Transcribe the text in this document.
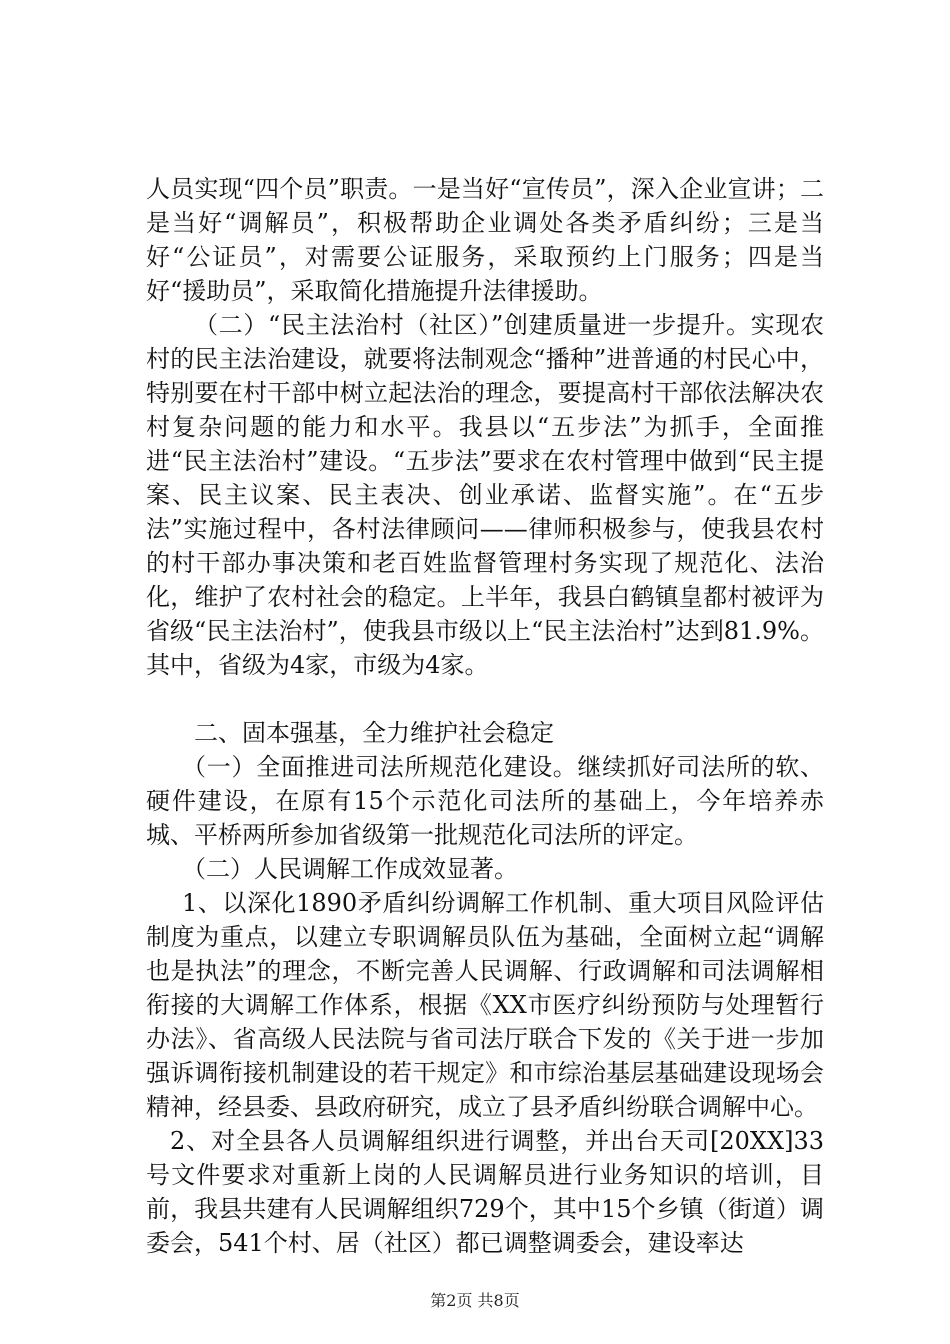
人员实现“四个员”职责。一是当好“宣传员”，深入企业宣讲；二是当好“调解员”，积极帮助企业调处各类矛盾纠纷；三是当好“公证员”，对需要公证服务，采取预约上门服务；四是当好“援助员”，采取简化措施提升法律援助。

（二）“民主法治村（社区）”创建质量进一步提升。实现农村的民主法治建设，就要将法制观念“播种”进普通的村民心中，特别要在村干部中树立起法治的理念，要提高村干部依法解决农村复杂问题的能力和水平。我县以“五步法”为抓手，全面推进“民主法治村”建设。“五步法”要求在农村管理中做到“民主提案、民主议案、民主表决、创业承诺、监督实施”。在“五步法”实施过程中，各村法律顾问——律师积极参与，使我县农村的村干部办事决策和老百姓监督管理村务实现了规范化、法治化，维护了农村社会的稳定。上半年，我县白鹤镇皇都村被评为省级“民主法治村”，使我县市级以上“民主法治村”达到81.9%。其中，省级为4家，市级为4家。

二、固本强基，全力维护社会稳定

（一）全面推进司法所规范化建设。继续抓好司法所的软、硬件建设，在原有15个示范化司法所的基础上，今年培养赤城、平桥两所参加省级第一批规范化司法所的评定。

（二）人民调解工作成效显著。

1、以深化1890矛盾纠纷调解工作机制、重大项目风险评估制度为重点，以建立专职调解员队伍为基础，全面树立起“调解也是执法”的理念，不断完善人民调解、行政调解和司法调解相衔接的大调解工作体系，根据《XX市医疗纠纷预防与处理暂行办法》、省高级人民法院与省司法厅联合下发的《关于进一步加强诉调衔接机制建设的若干规定》和市综治基层基础建设现场会精神，经县委、县政府研究，成立了县矛盾纠纷联合调解中心。

2、对全县各人员调解组织进行调整，并出台天司[20XX]33号文件要求对重新上岗的人民调解员进行业务知识的培训，目前，我县共建有人民调解组织729个，其中15个乡镇（街道）调委会，541个村、居（社区）都已调整调委会，建设率达

第2页 共8页
